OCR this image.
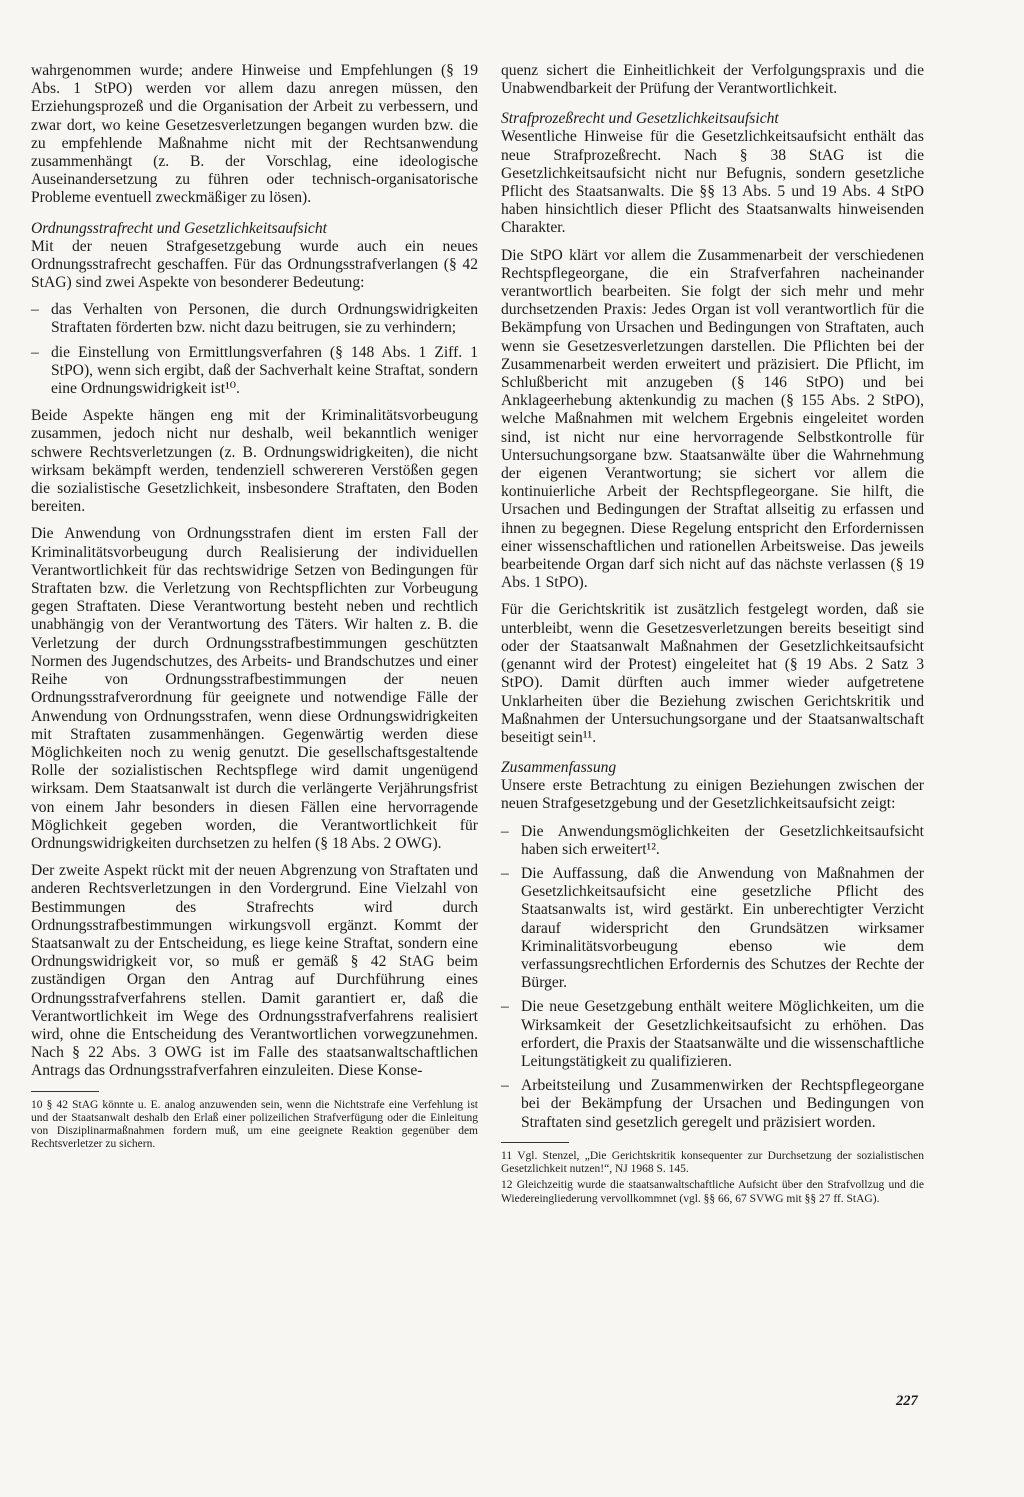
wahrgenommen wurde; andere Hinweise und Empfehlungen (§ 19 Abs. 1 StPO) werden vor allem dazu anregen müssen, den Erziehungsprozeß und die Organisation der Arbeit zu verbessern, und zwar dort, wo keine Gesetzesverletzungen begangen wurden bzw. die zu empfehlende Maßnahme nicht mit der Rechtsanwendung zusammenhängt (z. B. der Vorschlag, eine ideologische Auseinandersetzung zu führen oder technisch-organisatorische Probleme eventuell zweckmäßiger zu lösen).

Ordnungsstrafrecht und Gesetzlichkeitsaufsicht

Mit der neuen Strafgesetzgebung wurde auch ein neues Ordnungsstrafrecht geschaffen. Für das Ordnungsstrafverlangen (§ 42 StAG) sind zwei Aspekte von besonderer Bedeutung:

– das Verhalten von Personen, die durch Ordnungswidrigkeiten Straftaten förderten bzw. nicht dazu beitrugen, sie zu verhindern;
– die Einstellung von Ermittlungsverfahren (§ 148 Abs. 1 Ziff. 1 StPO), wenn sich ergibt, daß der Sachverhalt keine Straftat, sondern eine Ordnungswidrigkeit ist¹⁰.

Beide Aspekte hängen eng mit der Kriminalitätsvorbeugung zusammen, jedoch nicht nur deshalb, weil bekanntlich weniger schwere Rechtsverletzungen (z. B. Ordnungswidrigkeiten), die nicht wirksam bekämpft werden, tendenziell schwereren Verstößen gegen die sozialistische Gesetzlichkeit, insbesondere Straftaten, den Boden bereiten.

Die Anwendung von Ordnungsstrafen dient im ersten Fall der Kriminalitätsvorbeugung durch Realisierung der individuellen Verantwortlichkeit für das rechtswidrige Setzen von Bedingungen für Straftaten bzw. die Verletzung von Rechtspflichten zur Vorbeugung gegen Straftaten. Diese Verantwortung besteht neben und rechtlich unabhängig von der Verantwortung des Täters. Wir halten z. B. die Verletzung der durch Ordnungsstrafbestimmungen geschützten Normen des Jugendschutzes, des Arbeits- und Brandschutzes und einer Reihe von Ordnungsstrafbestimmungen der neuen Ordnungsstrafverordnung für geeignete und notwendige Fälle der Anwendung von Ordnungsstrafen, wenn diese Ordnungswidrigkeiten mit Straftaten zusammenhängen. Gegenwärtig werden diese Möglichkeiten noch zu wenig genutzt. Die gesellschaftsgestaltende Rolle der sozialistischen Rechtspflege wird damit ungenügend wirksam. Dem Staatsanwalt ist durch die verlängerte Verjährungsfrist von einem Jahr besonders in diesen Fällen eine hervorragende Möglichkeit gegeben worden, die Verantwortlichkeit für Ordnungswidrigkeiten durchsetzen zu helfen (§ 18 Abs. 2 OWG).

Der zweite Aspekt rückt mit der neuen Abgrenzung von Straftaten und anderen Rechtsverletzungen in den Vordergrund. Eine Vielzahl von Bestimmungen des Strafrechts wird durch Ordnungsstrafbestimmungen wirkungsvoll ergänzt. Kommt der Staatsanwalt zu der Entscheidung, es liege keine Straftat, sondern eine Ordnungswidrigkeit vor, so muß er gemäß § 42 StAG beim zuständigen Organ den Antrag auf Durchführung eines Ordnungsstrafverfahrens stellen. Damit garantiert er, daß die Verantwortlichkeit im Wege des Ordnungsstrafverfahrens realisiert wird, ohne die Entscheidung des Verantwortlichen vorwegzunehmen. Nach § 22 Abs. 3 OWG ist im Falle des staatsanwaltschaftlichen Antrags das Ordnungsstrafverfahren einzuleiten. Diese Konse-

10 § 42 StAG könnte u. E. analog anzuwenden sein, wenn die Nichtstrafe eine Verfehlung ist und der Staatsanwalt deshalb den Erlaß einer polizeilichen Strafverfügung oder die Einleitung von Disziplinarmaßnahmen fordern muß, um eine geeignete Reaktion gegenüber dem Rechtsverletzer zu sichern.

quenz sichert die Einheitlichkeit der Verfolgungspraxis und die Unabwendbarkeit der Prüfung der Verantwortlichkeit.

Strafprozeßrecht und Gesetzlichkeitsaufsicht

Wesentliche Hinweise für die Gesetzlichkeitsaufsicht enthält das neue Strafprozeßrecht. Nach § 38 StAG ist die Gesetzlichkeitsaufsicht nicht nur Befugnis, sondern gesetzliche Pflicht des Staatsanwalts. Die §§ 13 Abs. 5 und 19 Abs. 4 StPO haben hinsichtlich dieser Pflicht des Staatsanwalts hinweisenden Charakter.

Die StPO klärt vor allem die Zusammenarbeit der verschiedenen Rechtspflegeorgane, die ein Strafverfahren nacheinander verantwortlich bearbeiten. Sie folgt der sich mehr und mehr durchsetzenden Praxis: Jedes Organ ist voll verantwortlich für die Bekämpfung von Ursachen und Bedingungen von Straftaten, auch wenn sie Gesetzesverletzungen darstellen. Die Pflichten bei der Zusammenarbeit werden erweitert und präzisiert. Die Pflicht, im Schlußbericht mit anzugeben (§ 146 StPO) und bei Anklageerhebung aktenkundig zu machen (§ 155 Abs. 2 StPO), welche Maßnahmen mit welchem Ergebnis eingeleitet worden sind, ist nicht nur eine hervorragende Selbstkontrolle für Untersuchungsorgane bzw. Staatsanwälte über die Wahrnehmung der eigenen Verantwortung; sie sichert vor allem die kontinuierliche Arbeit der Rechtspflegeorgane. Sie hilft, die Ursachen und Bedingungen der Straftat allseitig zu erfassen und ihnen zu begegnen. Diese Regelung entspricht den Erfordernissen einer wissenschaftlichen und rationellen Arbeitsweise. Das jeweils bearbeitende Organ darf sich nicht auf das nächste verlassen (§ 19 Abs. 1 StPO).

Für die Gerichtskritik ist zusätzlich festgelegt worden, daß sie unterbleibt, wenn die Gesetzesverletzungen bereits beseitigt sind oder der Staatsanwalt Maßnahmen der Gesetzlichkeitsaufsicht (genannt wird der Protest) eingeleitet hat (§ 19 Abs. 2 Satz 3 StPO). Damit dürften auch immer wieder aufgetretene Unklarheiten über die Beziehung zwischen Gerichtskritik und Maßnahmen der Untersuchungsorgane und der Staatsanwaltschaft beseitigt sein¹¹.

Zusammenfassung

Unsere erste Betrachtung zu einigen Beziehungen zwischen der neuen Strafgesetzgebung und der Gesetzlichkeitsaufsicht zeigt:

– Die Anwendungsmöglichkeiten der Gesetzlichkeitsaufsicht haben sich erweitert¹².
– Die Auffassung, daß die Anwendung von Maßnahmen der Gesetzlichkeitsaufsicht eine gesetzliche Pflicht des Staatsanwalts ist, wird gestärkt. Ein unberechtigter Verzicht darauf widerspricht den Grundsätzen wirksamer Kriminalitätsvorbeugung ebenso wie dem verfassungsrechtlichen Erfordernis des Schutzes der Rechte der Bürger.
– Die neue Gesetzgebung enthält weitere Möglichkeiten, um die Wirksamkeit der Gesetzlichkeitsaufsicht zu erhöhen. Das erfordert, die Praxis der Staatsanwälte und die wissenschaftliche Leitungstätigkeit zu qualifizieren.
– Arbeitsteilung und Zusammenwirken der Rechtspflegeorgane bei der Bekämpfung der Ursachen und Bedingungen von Straftaten sind gesetzlich geregelt und präzisiert worden.

11 Vgl. Stenzel, „Die Gerichtskritik konsequenter zur Durchsetzung der sozialistischen Gesetzlichkeit nutzen!“, NJ 1968 S. 145.

12 Gleichzeitig wurde die staatsanwaltschaftliche Aufsicht über den Strafvollzug und die Wiedereingliederung vervollkommnet (vgl. §§ 66, 67 SVWG mit §§ 27 ff. StAG).

227
